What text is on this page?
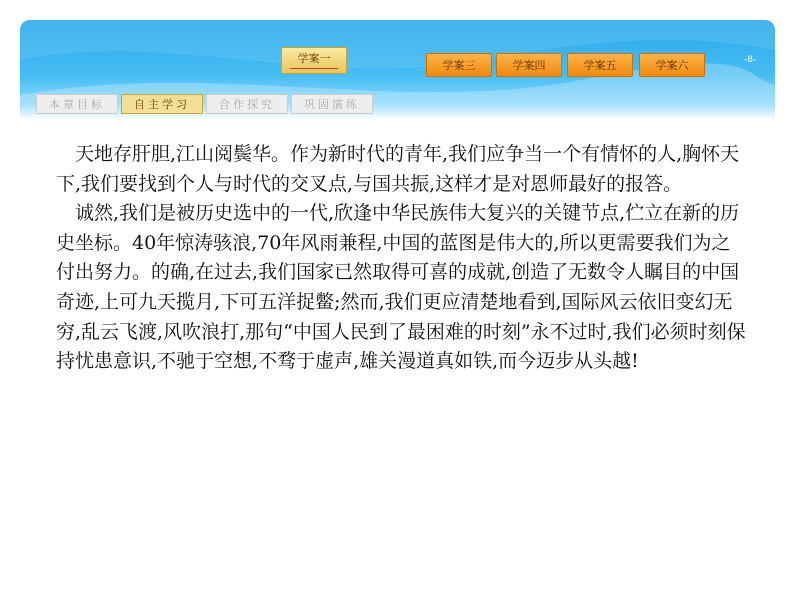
学案一
学案三	学案四	学案五	学案六	-8-
本章目标	自主学习	合作探究	巩固演练

天地存肝胆,江山阅鬓华。作为新时代的青年,我们应争当一个有情怀的人,胸怀天下,我们要找到个人与时代的交叉点,与国共振,这样才是对恩师最好的报答。

诚然,我们是被历史选中的一代,欣逢中华民族伟大复兴的关键节点,伫立在新的历史坐标。40年惊涛骇浪,70年风雨兼程,中国的蓝图是伟大的,所以更需要我们为之付出努力。的确,在过去,我们国家已然取得可喜的成就,创造了无数令人瞩目的中国奇迹,上可九天揽月,下可五洋捉鳖;然而,我们更应清楚地看到,国际风云依旧变幻无穷,乱云飞渡,风吹浪打,那句“中国人民到了最困难的时刻”永不过时,我们必须时刻保持忧患意识,不驰于空想,不骛于虚声,雄关漫道真如铁,而今迈步从头越!
